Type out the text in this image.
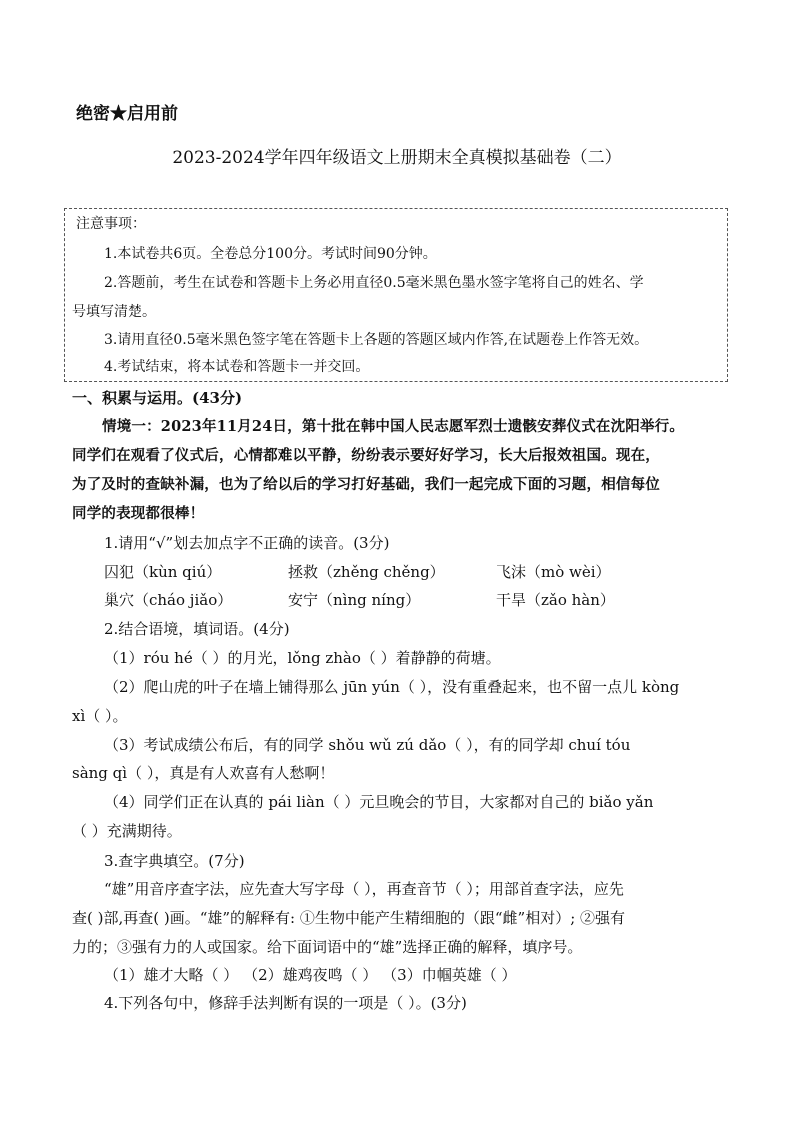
绝密★启用前
2023-2024学年四年级语文上册期末全真模拟基础卷（二）
注意事项：
1.本试卷共6页。全卷总分100分。考试时间90分钟。
2.答题前，考生在试卷和答题卡上务必用直径0.5毫米黑色墨水签字笔将自己的姓名、学
号填写清楚。
3.请用直径0.5毫米黑色签字笔在答题卡上各题的答题区域内作答,在试题卷上作答无效。
4.考试结束，将本试卷和答题卡一并交回。
一、积累与运用。(43分)
情境一：2023年11月24日，第十批在韩中国人民志愿军烈士遗骸安葬仪式在沈阳举行。
同学们在观看了仪式后，心情都难以平静，纷纷表示要好好学习，长大后报效祖国。现在，
为了及时的查缺补漏，也为了给以后的学习打好基础，我们一起完成下面的习题，相信每位
同学的表现都很棒！
1.请用“√”划去加点字不正确的读音。(3分)
囚犯（kùn qiú）	拯救（zhěng chěng）	飞沫（mò wèi）
巢穴（cháo jiǎo）	安宁（nìng níng）	干旱（zǎo hàn）
2.结合语境，填词语。(4分)
（1）róu hé（ ）的月光，lǒng zhào（ ）着静静的荷塘。
（2）爬山虎的叶子在墙上铺得那么 jūn yún（ ），没有重叠起来，也不留一点儿 kòng
xì（ ）。
（3）考试成绩公布后，有的同学 shǒu wǔ zú dǎo（ ），有的同学却 chuí tóu
sàng qì（ ），真是有人欢喜有人愁啊！
（4）同学们正在认真的 pái liàn（ ）元旦晚会的节目，大家都对自己的 biǎo yǎn
（ ）充满期待。
3.查字典填空。(7分)
“雄”用音序查字法，应先查大写字母（ ），再查音节（ ）；用部首查字法，应先
查( )部,再查( )画。“雄”的解释有: ①生物中能产生精细胞的（跟“雌”相对）; ②强有
力的；③强有力的人或国家。给下面词语中的“雄”选择正确的解释，填序号。
（1）雄才大略（ ） （2）雄鸡夜鸣（ ） （3）巾帼英雄（ ）
4.下列各句中，修辞手法判断有误的一项是（ ）。(3分)
